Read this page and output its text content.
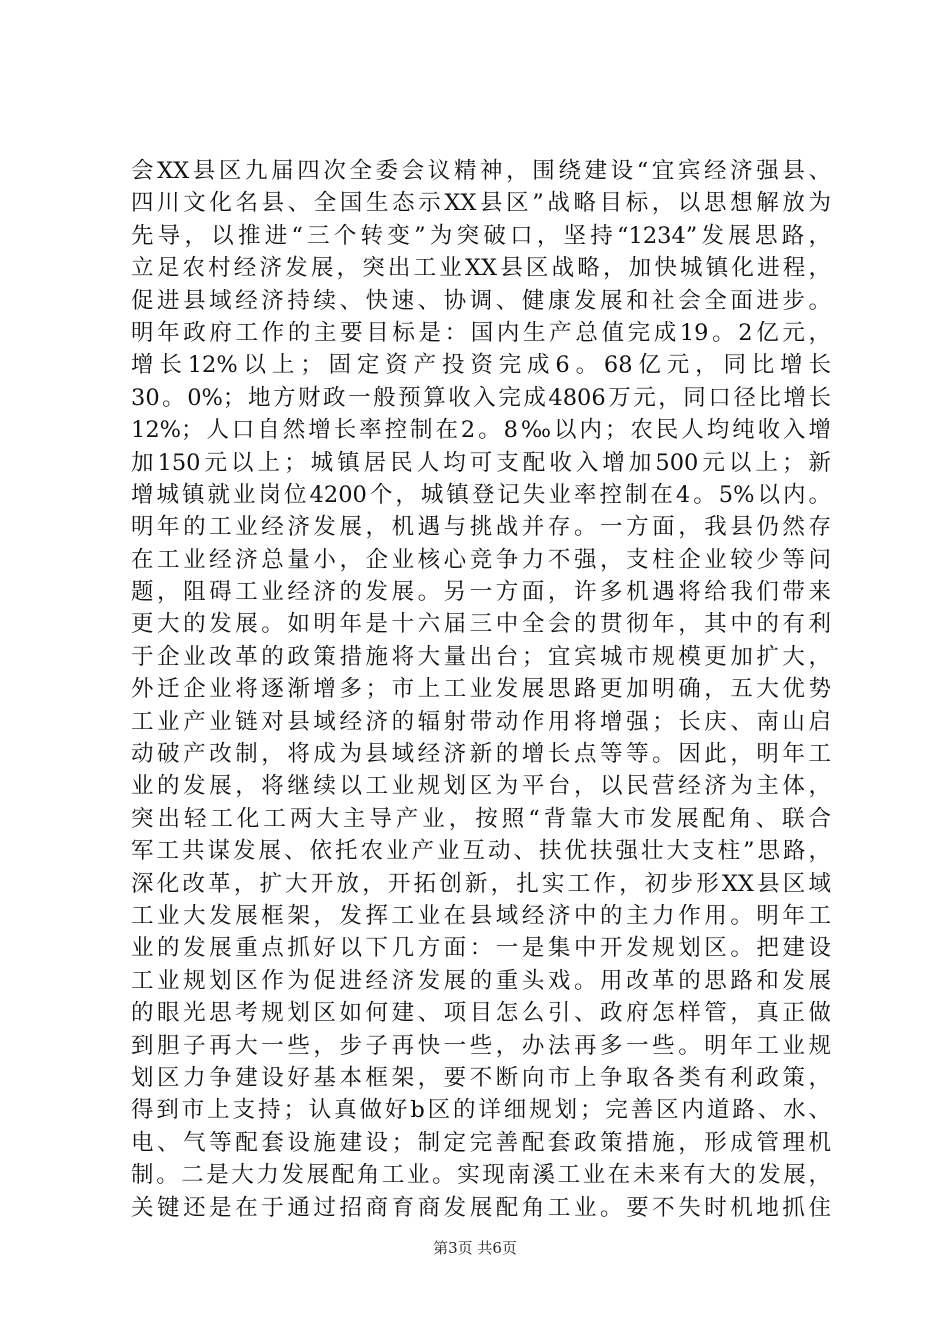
会XX县区九届四次全委会议精神，围绕建设“宜宾经济强县、
四川文化名县、全国生态示XX县区”战略目标，以思想解放为
先导，以推进“三个转变”为突破口，坚持“1234”发展思路，
立足农村经济发展，突出工业XX县区战略，加快城镇化进程，
促进县域经济持续、快速、协调、健康发展和社会全面进步。
明年政府工作的主要目标是：国内生产总值完成19。2亿元，
增长12%以上；固定资产投资完成6。68亿元，同比增长
30。0%；地方财政一般预算收入完成4806万元，同口径比增长
12%；人口自然增长率控制在2。8‰以内；农民人均纯收入增
加150元以上；城镇居民人均可支配收入增加500元以上；新
增城镇就业岗位4200个，城镇登记失业率控制在4。5%以内。
明年的工业经济发展，机遇与挑战并存。一方面，我县仍然存
在工业经济总量小，企业核心竞争力不强，支柱企业较少等问
题，阻碍工业经济的发展。另一方面，许多机遇将给我们带来
更大的发展。如明年是十六届三中全会的贯彻年，其中的有利
于企业改革的政策措施将大量出台；宜宾城市规模更加扩大，
外迁企业将逐渐增多；市上工业发展思路更加明确，五大优势
工业产业链对县域经济的辐射带动作用将增强；长庆、南山启
动破产改制，将成为县域经济新的增长点等等。因此，明年工
业的发展，将继续以工业规划区为平台，以民营经济为主体，
突出轻工化工两大主导产业，按照“背靠大市发展配角、联合
军工共谋发展、依托农业产业互动、扶优扶强壮大支柱”思路，
深化改革，扩大开放，开拓创新，扎实工作，初步形XX县区域
工业大发展框架，发挥工业在县域经济中的主力作用。明年工
业的发展重点抓好以下几方面：一是集中开发规划区。把建设
工业规划区作为促进经济发展的重头戏。用改革的思路和发展
的眼光思考规划区如何建、项目怎么引、政府怎样管，真正做
到胆子再大一些，步子再快一些，办法再多一些。明年工业规
划区力争建设好基本框架，要不断向市上争取各类有利政策，
得到市上支持；认真做好b区的详细规划；完善区内道路、水、
电、气等配套设施建设；制定完善配套政策措施，形成管理机
制。二是大力发展配角工业。实现南溪工业在未来有大的发展，
关键还是在于通过招商育商发展配角工业。要不失时机地抓住
第3页 共6页
